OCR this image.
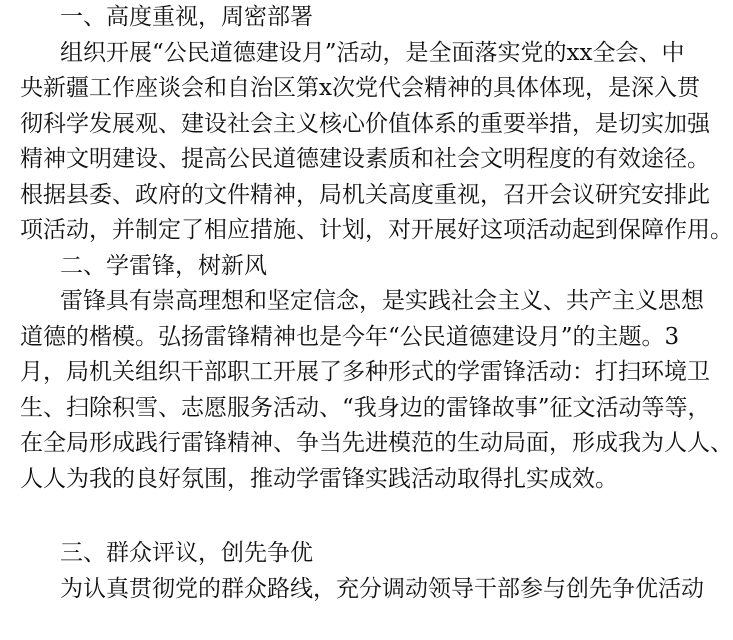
一、高度重视，周密部署
组织开展“公民道德建设月”活动，是全面落实党的xx全会、中
央新疆工作座谈会和自治区第x次党代会精神的具体体现，是深入贯
彻科学发展观、建设社会主义核心价值体系的重要举措，是切实加强
精神文明建设、提高公民道德建设素质和社会文明程度的有效途径。
根据县委、政府的文件精神，局机关高度重视，召开会议研究安排此
项活动，并制定了相应措施、计划，对开展好这项活动起到保障作用。
二、学雷锋，树新风
雷锋具有崇高理想和坚定信念，是实践社会主义、共产主义思想
道德的楷模。弘扬雷锋精神也是今年“公民道德建设月”的主题。3
月，局机关组织干部职工开展了多种形式的学雷锋活动：打扫环境卫
生、扫除积雪、志愿服务活动、“我身边的雷锋故事”征文活动等等，
在全局形成践行雷锋精神、争当先进模范的生动局面，形成我为人人、
人人为我的良好氛围，推动学雷锋实践活动取得扎实成效。
三、群众评议，创先争优
为认真贯彻党的群众路线，充分调动领导干部参与创先争优活动
